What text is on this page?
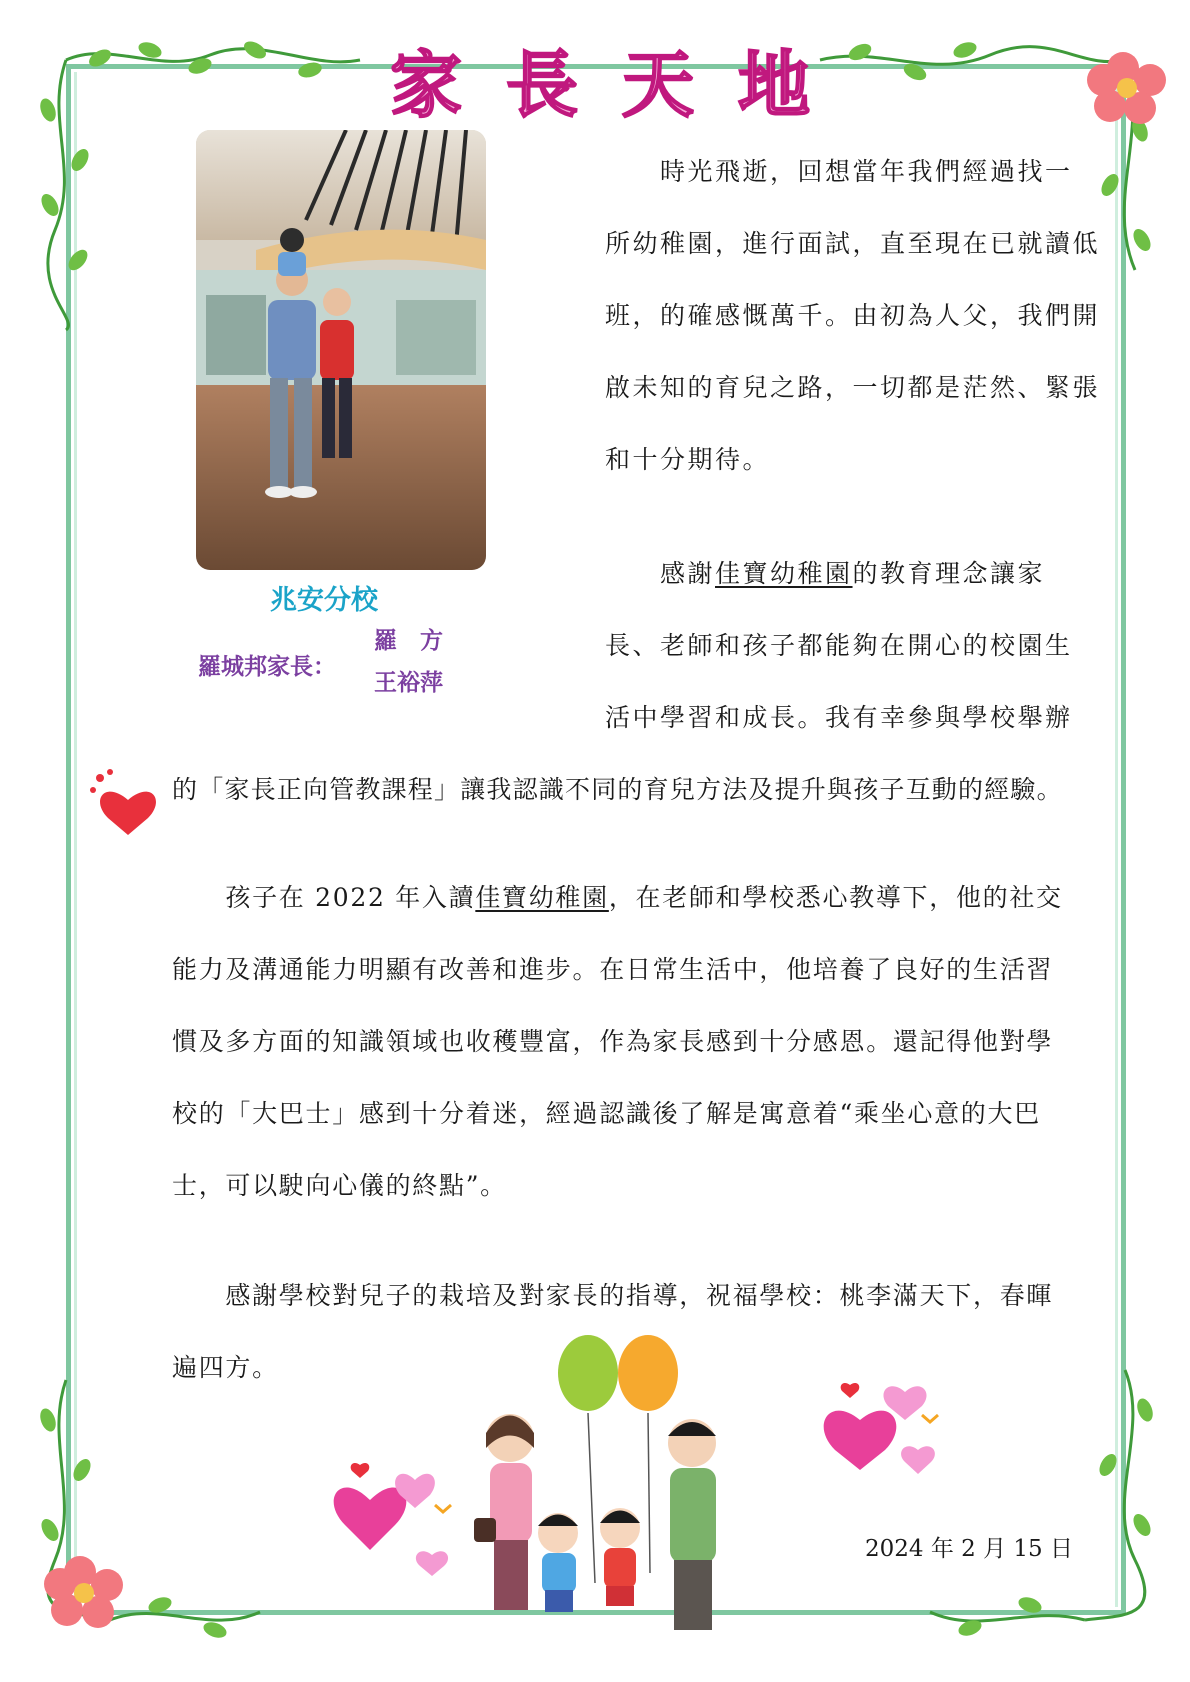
家 長 天 地
兆安分校
羅城邦家長：
羅　方
王裕萍
　　時光飛逝，回想當年我們經過找一
所幼稚園，進行面試，直至現在已就讀低
班，的確感慨萬千。由初為人父，我們開
啟未知的育兒之路，一切都是茫然、緊張
和十分期待。
　　感謝佳寶幼稚園的教育理念讓家
長、老師和孩子都能夠在開心的校園生
活中學習和成長。我有幸參與學校舉辦
的「家長正向管教課程」讓我認識不同的育兒方法及提升與孩子互動的經驗。
　　孩子在 2022 年入讀佳寶幼稚園，在老師和學校悉心教導下，他的社交
能力及溝通能力明顯有改善和進步。在日常生活中，他培養了良好的生活習
慣及多方面的知識領域也收穫豐富，作為家長感到十分感恩。還記得他對學
校的「大巴士」感到十分着迷，經過認識後了解是寓意着“乘坐心意的大巴
士，可以駛向心儀的終點”。
　　感謝學校對兒子的栽培及對家長的指導，祝福學校：桃李滿天下，春暉
遍四方。
2024 年 2 月 15 日
